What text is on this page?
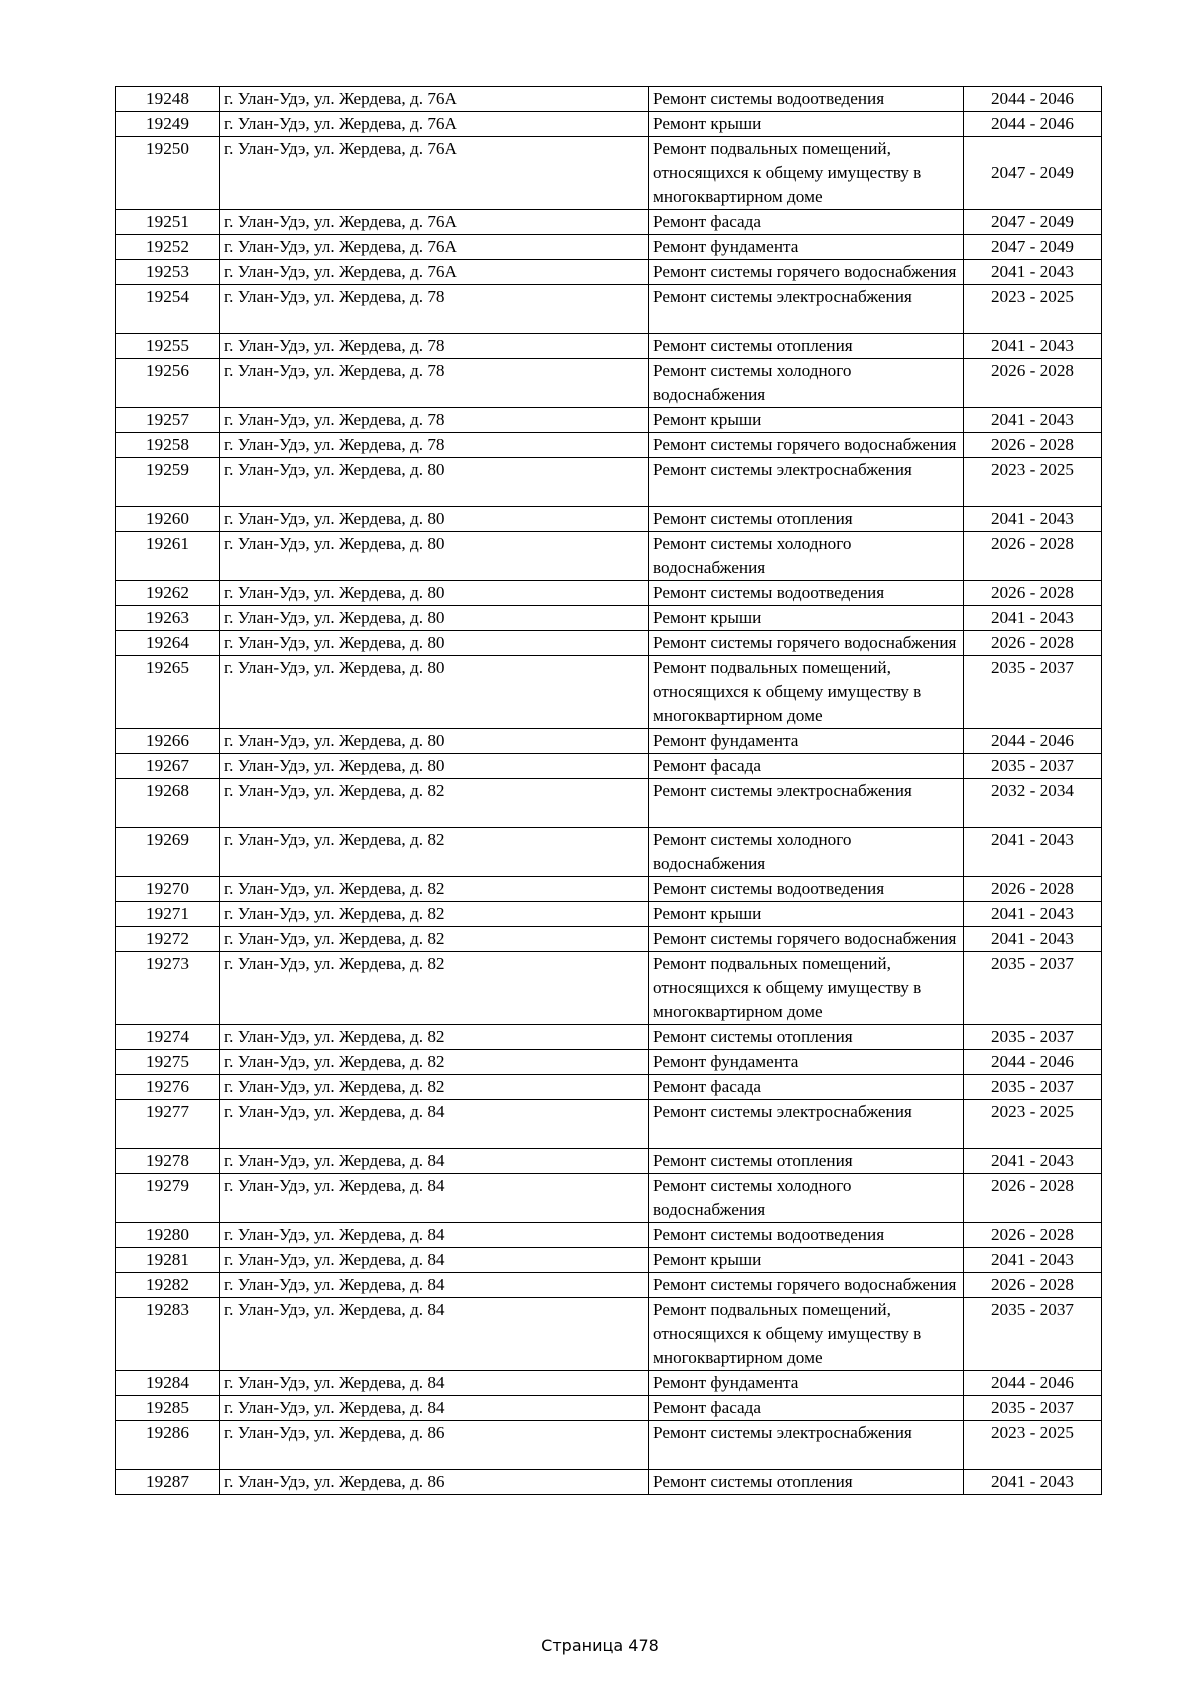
19248	г. Улан-Удэ, ул. Жердева, д. 76А	Ремонт системы водоотведения	2044 - 2046
19249	г. Улан-Удэ, ул. Жердева, д. 76А	Ремонт крыши	2044 - 2046
19250	г. Улан-Удэ, ул. Жердева, д. 76А	Ремонт подвальных помещений, относящихся к общему имуществу в многоквартирном доме	2047 - 2049
19251	г. Улан-Удэ, ул. Жердева, д. 76А	Ремонт фасада	2047 - 2049
19252	г. Улан-Удэ, ул. Жердева, д. 76А	Ремонт фундамента	2047 - 2049
19253	г. Улан-Удэ, ул. Жердева, д. 76А	Ремонт системы горячего водоснабжения	2041 - 2043
19254	г. Улан-Удэ, ул. Жердева, д. 78	Ремонт системы электроснабжения	2023 - 2025
19255	г. Улан-Удэ, ул. Жердева, д. 78	Ремонт системы отопления	2041 - 2043
19256	г. Улан-Удэ, ул. Жердева, д. 78	Ремонт системы холодного водоснабжения	2026 - 2028
19257	г. Улан-Удэ, ул. Жердева, д. 78	Ремонт крыши	2041 - 2043
19258	г. Улан-Удэ, ул. Жердева, д. 78	Ремонт системы горячего водоснабжения	2026 - 2028
19259	г. Улан-Удэ, ул. Жердева, д. 80	Ремонт системы электроснабжения	2023 - 2025
19260	г. Улан-Удэ, ул. Жердева, д. 80	Ремонт системы отопления	2041 - 2043
19261	г. Улан-Удэ, ул. Жердева, д. 80	Ремонт системы холодного водоснабжения	2026 - 2028
19262	г. Улан-Удэ, ул. Жердева, д. 80	Ремонт системы водоотведения	2026 - 2028
19263	г. Улан-Удэ, ул. Жердева, д. 80	Ремонт крыши	2041 - 2043
19264	г. Улан-Удэ, ул. Жердева, д. 80	Ремонт системы горячего водоснабжения	2026 - 2028
19265	г. Улан-Удэ, ул. Жердева, д. 80	Ремонт подвальных помещений, относящихся к общему имуществу в многоквартирном доме	2035 - 2037
19266	г. Улан-Удэ, ул. Жердева, д. 80	Ремонт фундамента	2044 - 2046
19267	г. Улан-Удэ, ул. Жердева, д. 80	Ремонт фасада	2035 - 2037
19268	г. Улан-Удэ, ул. Жердева, д. 82	Ремонт системы электроснабжения	2032 - 2034
19269	г. Улан-Удэ, ул. Жердева, д. 82	Ремонт системы холодного водоснабжения	2041 - 2043
19270	г. Улан-Удэ, ул. Жердева, д. 82	Ремонт системы водоотведения	2026 - 2028
19271	г. Улан-Удэ, ул. Жердева, д. 82	Ремонт крыши	2041 - 2043
19272	г. Улан-Удэ, ул. Жердева, д. 82	Ремонт системы горячего водоснабжения	2041 - 2043
19273	г. Улан-Удэ, ул. Жердева, д. 82	Ремонт подвальных помещений, относящихся к общему имуществу в многоквартирном доме	2035 - 2037
19274	г. Улан-Удэ, ул. Жердева, д. 82	Ремонт системы отопления	2035 - 2037
19275	г. Улан-Удэ, ул. Жердева, д. 82	Ремонт фундамента	2044 - 2046
19276	г. Улан-Удэ, ул. Жердева, д. 82	Ремонт фасада	2035 - 2037
19277	г. Улан-Удэ, ул. Жердева, д. 84	Ремонт системы электроснабжения	2023 - 2025
19278	г. Улан-Удэ, ул. Жердева, д. 84	Ремонт системы отопления	2041 - 2043
19279	г. Улан-Удэ, ул. Жердева, д. 84	Ремонт системы холодного водоснабжения	2026 - 2028
19280	г. Улан-Удэ, ул. Жердева, д. 84	Ремонт системы водоотведения	2026 - 2028
19281	г. Улан-Удэ, ул. Жердева, д. 84	Ремонт крыши	2041 - 2043
19282	г. Улан-Удэ, ул. Жердева, д. 84	Ремонт системы горячего водоснабжения	2026 - 2028
19283	г. Улан-Удэ, ул. Жердева, д. 84	Ремонт подвальных помещений, относящихся к общему имуществу в многоквартирном доме	2035 - 2037
19284	г. Улан-Удэ, ул. Жердева, д. 84	Ремонт фундамента	2044 - 2046
19285	г. Улан-Удэ, ул. Жердева, д. 84	Ремонт фасада	2035 - 2037
19286	г. Улан-Удэ, ул. Жердева, д. 86	Ремонт системы электроснабжения	2023 - 2025
19287	г. Улан-Удэ, ул. Жердева, д. 86	Ремонт системы отопления	2041 - 2043
Страница 478
